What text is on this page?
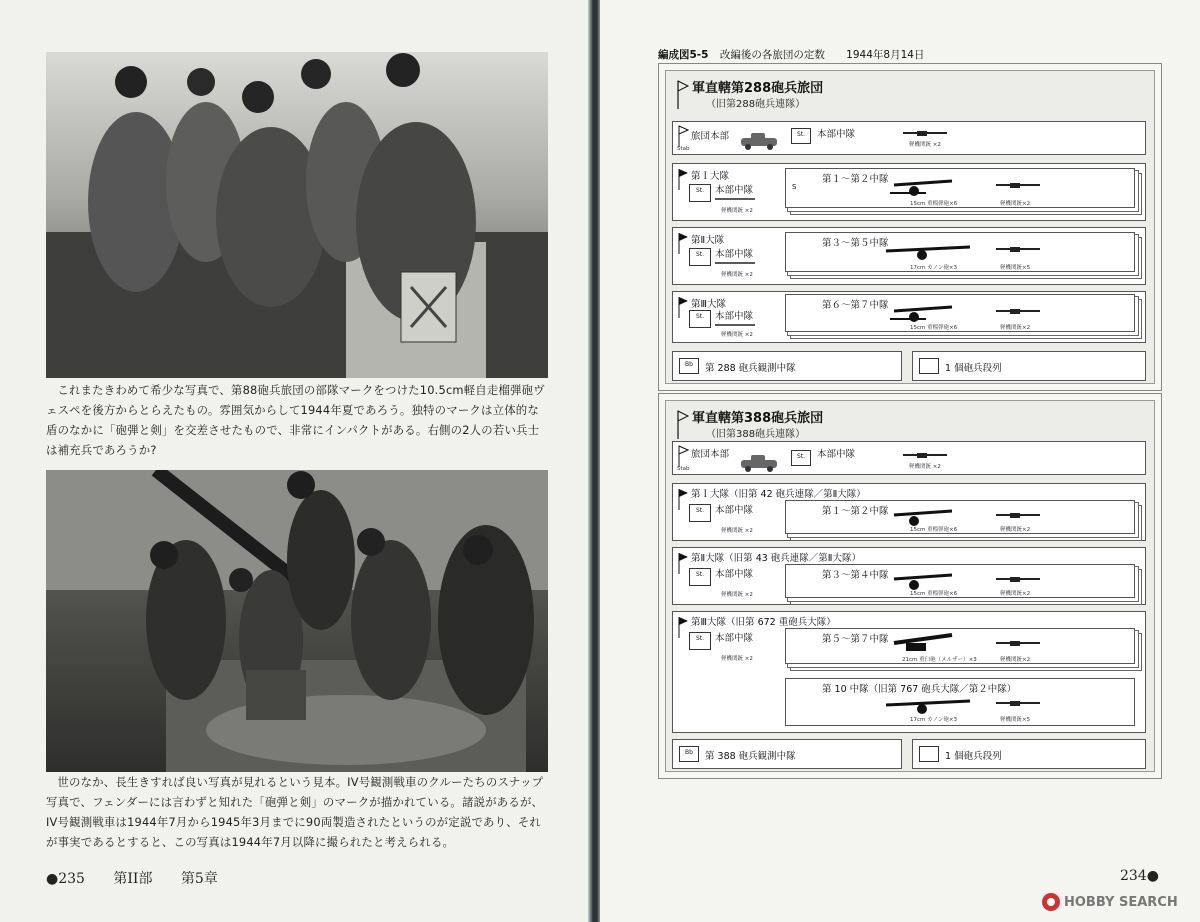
これまたきわめて希少な写真で、第88砲兵旅団の部隊マークをつけた10.5cm軽自走榴弾砲ヴェスペを後方からとらえたもの。雰囲気からして1944年夏であろう。独特のマークは立体的な盾のなかに「砲弾と剣」を交差させたもので、非常にインパクトがある。右側の2人の若い兵士は補充兵であろうか?

世のなか、長生きすれば良い写真が見れるという見本。IV号観測戦車のクルーたちのスナップ写真で、フェンダーには言わずと知れた「砲弾と剣」のマークが描かれている。諸説があるが、IV号観測戦車は1944年7月から1945年3月までに90両製造されたというのが定説であり、それが事実であるとすると、この写真は1944年7月以降に撮られたと考えられる。

●235 第II部 第5章
編成図5-5 改編後の各旅団の定数 1944年8月14日
軍直轄第288砲兵旅団
（旧第288砲兵連隊）
Stab
旅団本部	St.	本部中隊
軽機関銃 ×2
第Ｉ大隊
St.	本部中隊
軽機関銃 ×2
第１～第２中隊
S
15cm 重榴弾砲×6	軽機関銃×2
第Ⅱ大隊
St.	本部中隊
軽機関銃 ×2
第３～第５中隊
17cm カノン砲×3	軽機関銃×5
第Ⅲ大隊
St.	本部中隊
軽機関銃 ×2
第６～第７中隊
15cm 重榴弾砲×6	軽機関銃×2
Bb	第 288 砲兵観測中隊	1 個砲兵段列
軍直轄第388砲兵旅団
（旧第388砲兵連隊）
Stab
旅団本部	St.	本部中隊
軽機関銃 ×2
第Ｉ大隊（旧第 42 砲兵連隊／第Ⅱ大隊）
St.	本部中隊
軽機関銃 ×2
第１～第２中隊
15cm 重榴弾砲×6	軽機関銃×2
第Ⅱ大隊（旧第 43 砲兵連隊／第Ⅱ大隊）
St.	本部中隊
軽機関銃 ×2
第３～第４中隊
15cm 重榴弾砲×6	軽機関銃×2
第Ⅲ大隊（旧第 672 重砲兵大隊）
St.	本部中隊
軽機関銃 ×2
第５～第７中隊
21cm 重臼砲（メルザー）×3	軽機関銃×2
第 10 中隊（旧第 767 砲兵大隊／第２中隊）
17cm カノン砲×3	軽機関銃×5
Bb	第 388 砲兵観測中隊	1 個砲兵段列
234●
HOBBY SEARCH
